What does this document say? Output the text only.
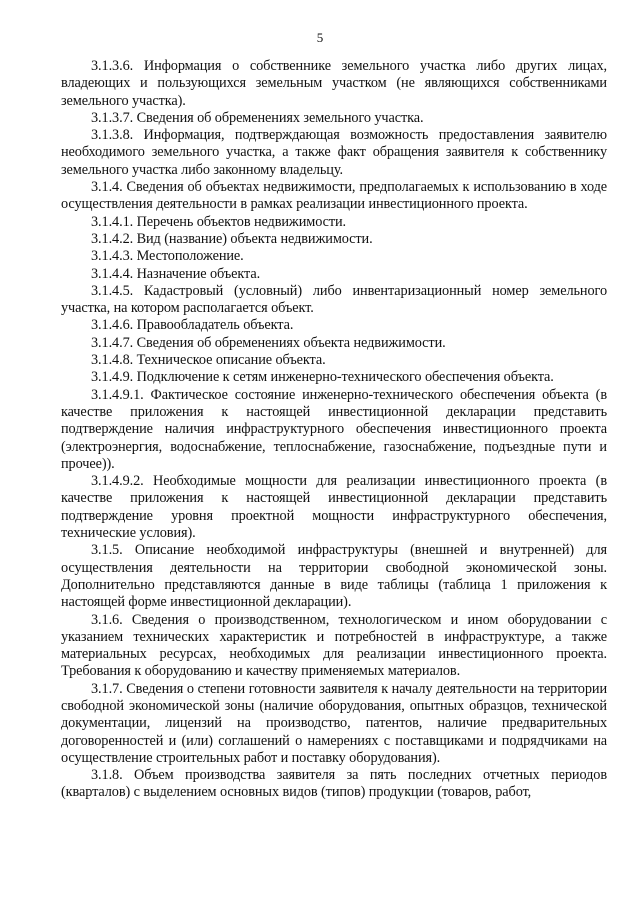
5

3.1.3.6. Информация о собственнике земельного участка либо других лицах, владеющих и пользующихся земельным участком (не являющихся собственниками земельного участка).

3.1.3.7. Сведения об обременениях земельного участка.

3.1.3.8. Информация, подтверждающая возможность предоставления заявителю необходимого земельного участка, а также факт обращения заявителя к собственнику земельного участка либо законному владельцу.

3.1.4. Сведения об объектах недвижимости, предполагаемых к использованию в ходе осуществления деятельности в рамках реализации инвестиционного проекта.

3.1.4.1. Перечень объектов недвижимости.

3.1.4.2. Вид (название) объекта недвижимости.

3.1.4.3. Местоположение.

3.1.4.4. Назначение объекта.

3.1.4.5. Кадастровый (условный) либо инвентаризационный номер земельного участка, на котором располагается объект.

3.1.4.6. Правообладатель объекта.

3.1.4.7. Сведения об обременениях объекта недвижимости.

3.1.4.8. Техническое описание объекта.

3.1.4.9. Подключение к сетям инженерно-технического обеспечения объекта.

3.1.4.9.1. Фактическое состояние инженерно-технического обеспечения объекта (в качестве приложения к настоящей инвестиционной декларации представить подтверждение наличия инфраструктурного обеспечения инвестиционного проекта (электроэнергия, водоснабжение, теплоснабжение, газоснабжение, подъездные пути и прочее)).

3.1.4.9.2. Необходимые мощности для реализации инвестиционного проекта (в качестве приложения к настоящей инвестиционной декларации представить подтверждение уровня проектной мощности инфраструктурного обеспечения, технические условия).

3.1.5. Описание необходимой инфраструктуры (внешней и внутренней) для осуществления деятельности на территории свободной экономической зоны. Дополнительно представляются данные в виде таблицы (таблица 1 приложения к настоящей форме инвестиционной декларации).

3.1.6. Сведения о производственном, технологическом и ином оборудовании с указанием технических характеристик и потребностей в инфраструктуре, а также материальных ресурсах, необходимых для реализации инвестиционного проекта. Требования к оборудованию и качеству применяемых материалов.

3.1.7. Сведения о степени готовности заявителя к началу деятельности на территории свободной экономической зоны (наличие оборудования, опытных образцов, технической документации, лицензий на производство, патентов, наличие предварительных договоренностей и (или) соглашений о намерениях с поставщиками и подрядчиками на осуществление строительных работ и поставку оборудования).

3.1.8. Объем производства заявителя за пять последних отчетных периодов (кварталов) с выделением основных видов (типов) продукции (товаров, работ,
